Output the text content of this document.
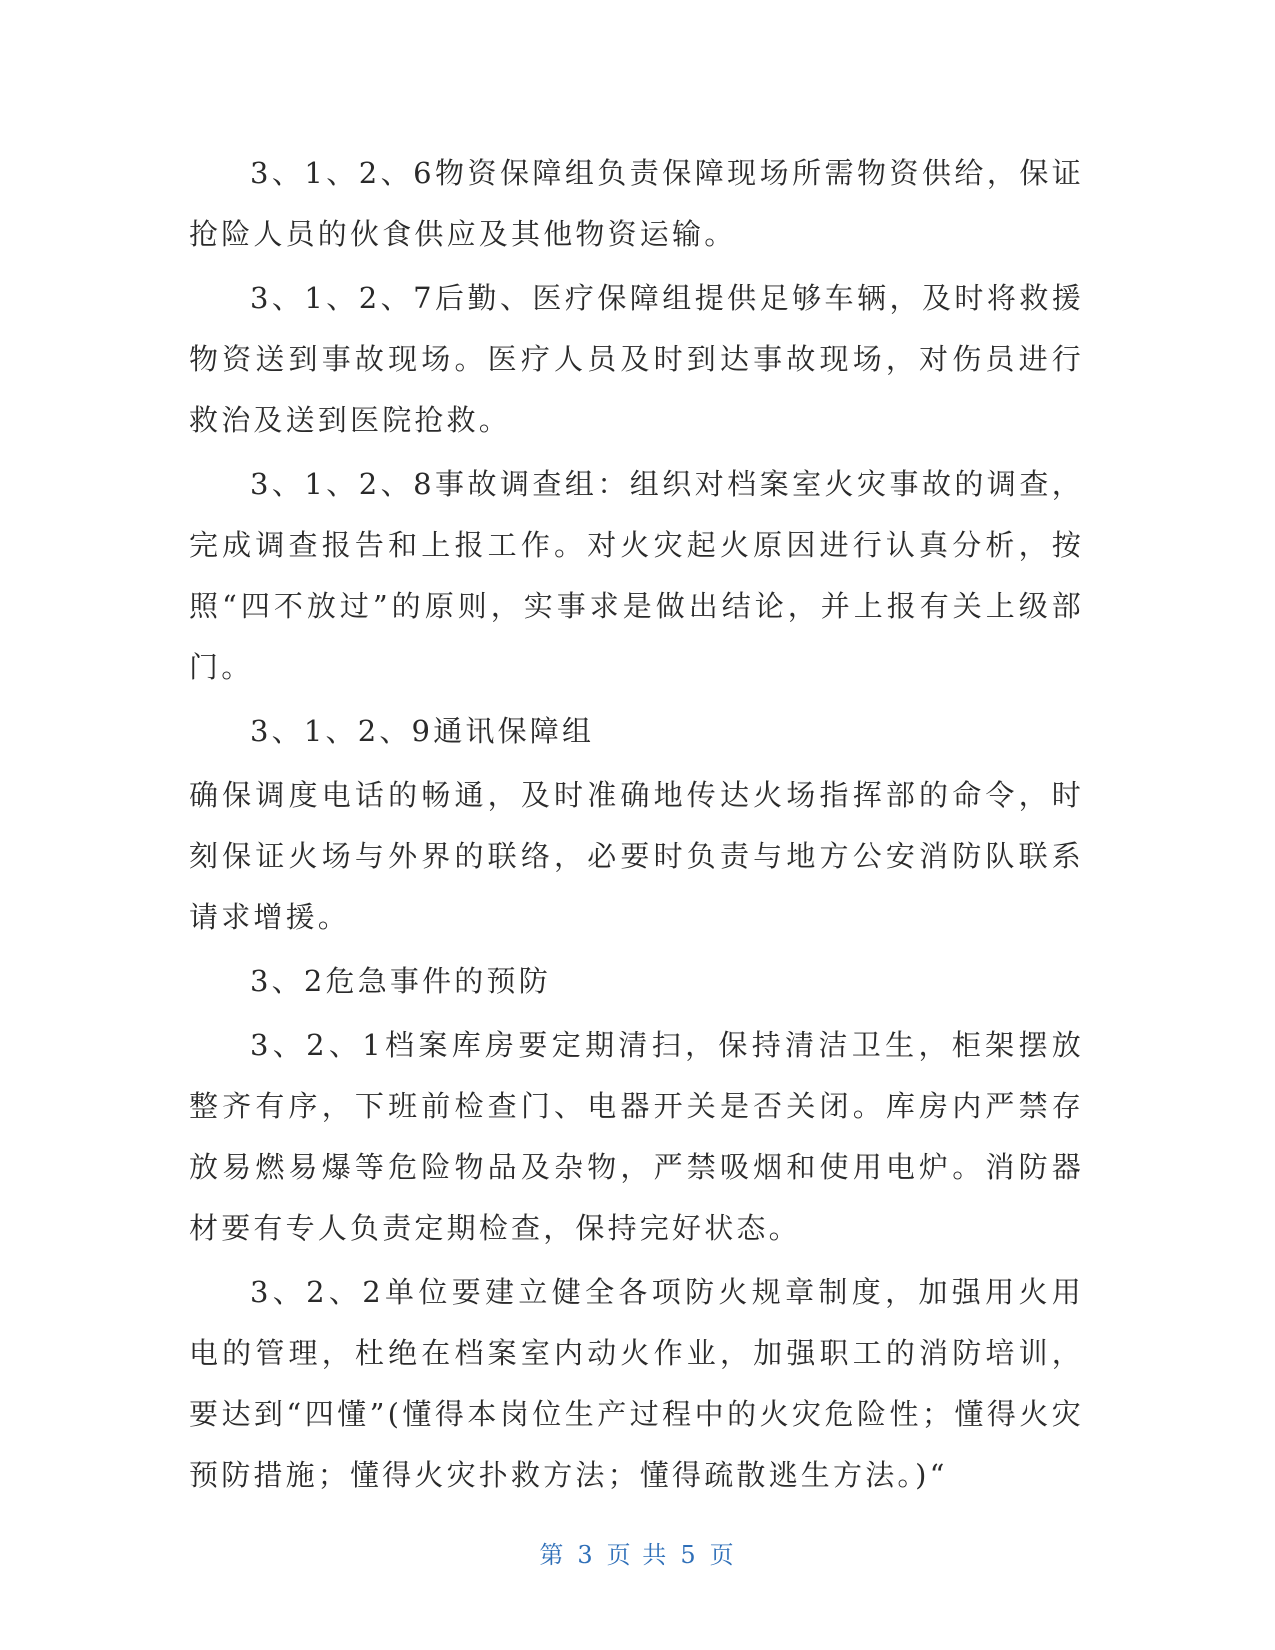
3、1、2、6物资保障组负责保障现场所需物资供给，保证抢险人员的伙食供应及其他物资运输。

3、1、2、7后勤、医疗保障组提供足够车辆，及时将救援物资送到事故现场。医疗人员及时到达事故现场，对伤员进行救治及送到医院抢救。

3、1、2、8事故调查组：组织对档案室火灾事故的调查，完成调查报告和上报工作。对火灾起火原因进行认真分析，按照“四不放过”的原则，实事求是做出结论，并上报有关上级部门。

3、1、2、9通讯保障组

确保调度电话的畅通，及时准确地传达火场指挥部的命令，时刻保证火场与外界的联络，必要时负责与地方公安消防队联系请求增援。

3、2危急事件的预防

3、2、1档案库房要定期清扫，保持清洁卫生，柜架摆放整齐有序，下班前检查门、电器开关是否关闭。库房内严禁存放易燃易爆等危险物品及杂物，严禁吸烟和使用电炉。消防器材要有专人负责定期检查，保持完好状态。

3、2、2单位要建立健全各项防火规章制度，加强用火用电的管理，杜绝在档案室内动火作业，加强职工的消防培训，要达到“四懂”(懂得本岗位生产过程中的火灾危险性；懂得火灾预防措施；懂得火灾扑救方法；懂得疏散逃生方法。)“

第 3 页 共 5 页
